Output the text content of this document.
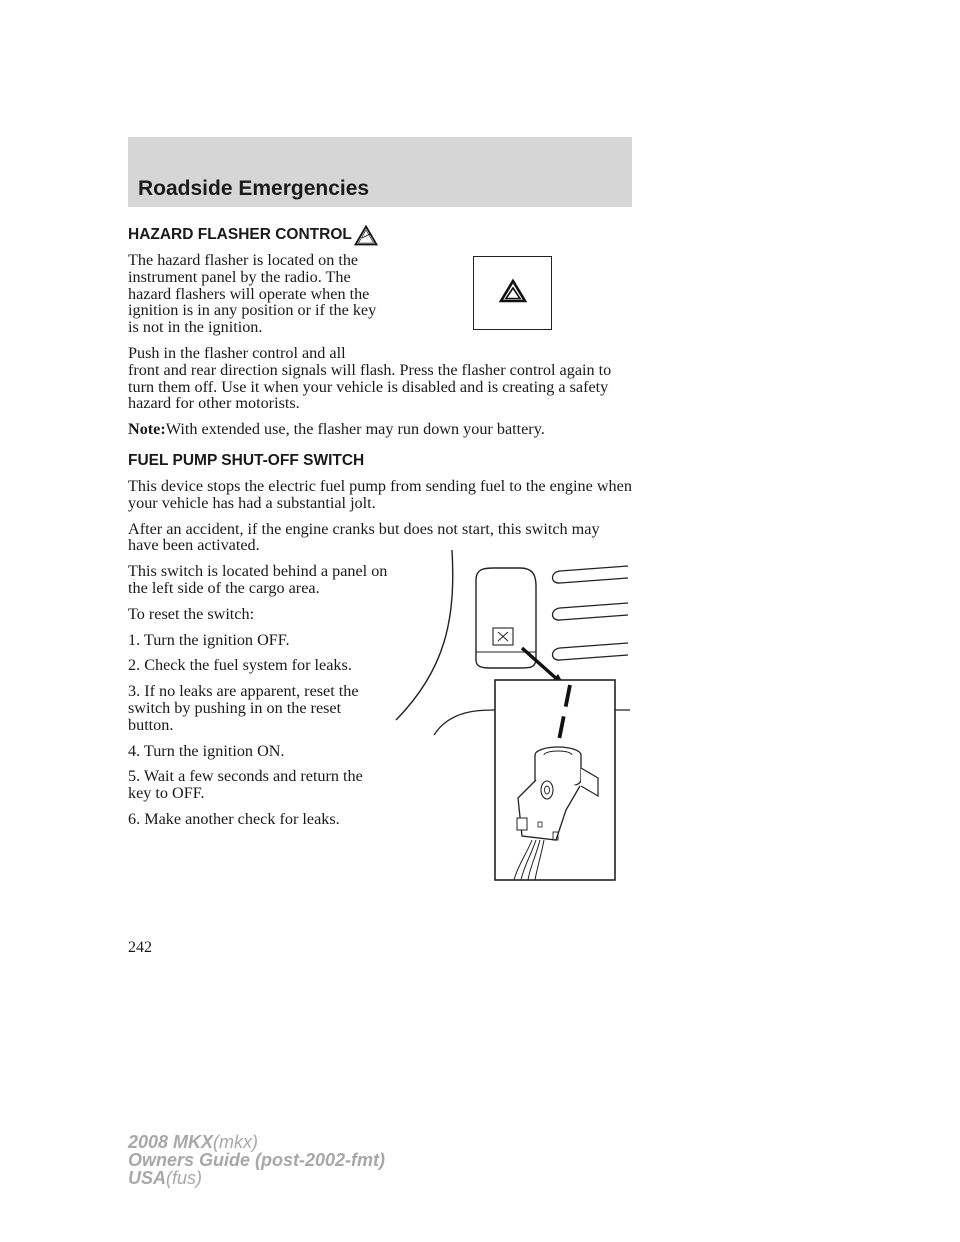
Roadside Emergencies
HAZARD FLASHER CONTROL

The hazard flasher is located on the instrument panel by the radio. The hazard flashers will operate when the ignition is in any position or if the key is not in the ignition.

Push in the flasher control and all
front and rear direction signals will flash. Press the flasher control again to turn them off. Use it when your vehicle is disabled and is creating a safety hazard for other motorists.

Note:With extended use, the flasher may run down your battery.

FUEL PUMP SHUT-OFF SWITCH

This device stops the electric fuel pump from sending fuel to the engine when your vehicle has had a substantial jolt.

After an accident, if the engine cranks but does not start, this switch may have been activated.

This switch is located behind a panel on the left side of the cargo area.

To reset the switch:

1. Turn the ignition OFF.

2. Check the fuel system for leaks.

3. If no leaks are apparent, reset the switch by pushing in on the reset button.

4. Turn the ignition ON.

5. Wait a few seconds and return the key to OFF.

6. Make another check for leaks.

242
2008 MKX(mkx)
Owners Guide (post-2002-fmt)
USA(fus)
